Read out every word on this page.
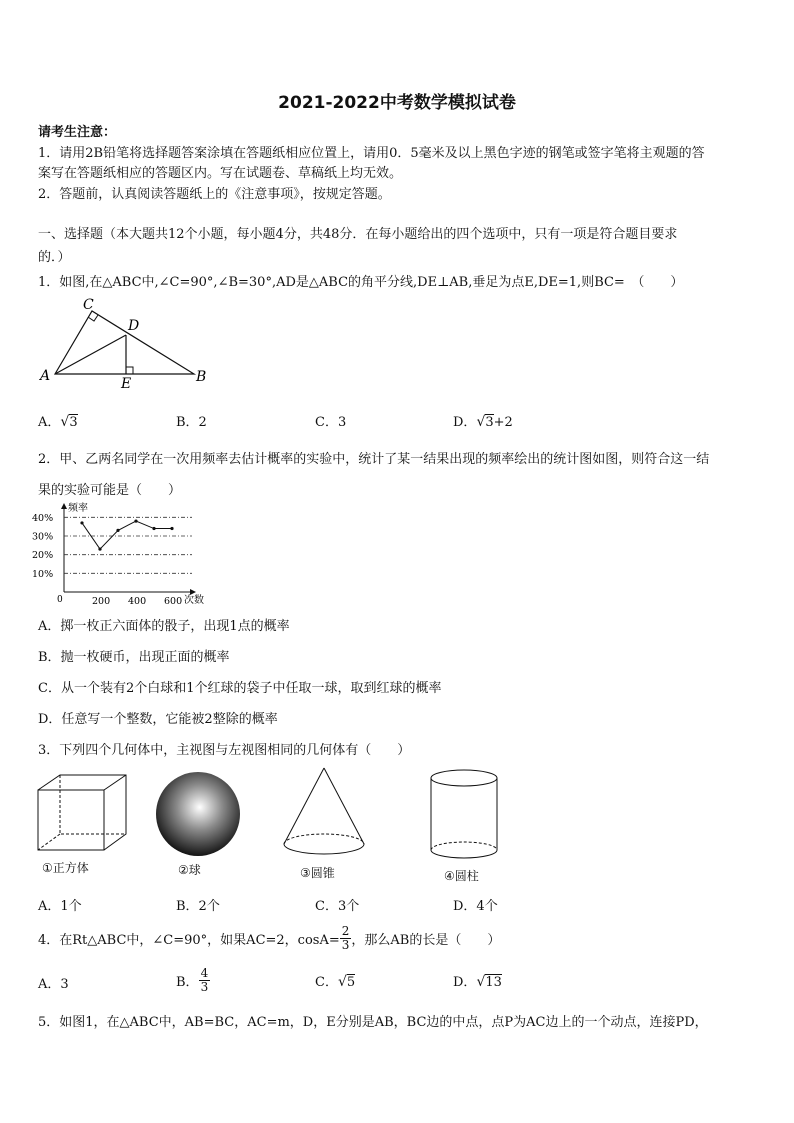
2021-2022中考数学模拟试卷
请考生注意：
1．请用2B铅笔将选择题答案涂填在答题纸相应位置上，请用0．5毫米及以上黑色字迹的钢笔或签字笔将主观题的答
案写在答题纸相应的答题区内。写在试题卷、草稿纸上均无效。
2．答题前，认真阅读答题纸上的《注意事项》，按规定答题。
一、选择题（本大题共12个小题，每小题4分，共48分．在每小题给出的四个选项中，只有一项是符合题目要求
的．）
1．如图,在△ABC中,∠C=90°,∠B=30°,AD是△ABC的角平分线,DE⊥AB,垂足为点E,DE=1,则BC=　（　　）
C
D
A	E	B
A．√3	B．2	C．3	D．√3+2
2．甲、乙两名同学在一次用频率去估计概率的实验中，统计了某一结果出现的频率绘出的统计图如图，则符合这一结
果的实验可能是（　　）
10%
20%
30%
40%
200 400 600
频率
次数
0
A．掷一枚正六面体的骰子，出现1点的概率
B．抛一枚硬币，出现正面的概率
C．从一个装有2个白球和1个红球的袋子中任取一球，取到红球的概率
D．任意写一个整数，它能被2整除的概率
3．下列四个几何体中，主视图与左视图相同的几何体有（　　）
①正方体	②球	③圆锥	④圆柱
A．1个	B．2个	C．3个	D．4个
4．在Rt△ABC中，∠C=90°，如果AC=2，$\cos A= \frac{2}{3}$ ，那么AB的长是（　　）
A．3	B． $\frac{4}{3}$	C．√5	D．√13
5．如图1，在△ABC中，AB=BC，AC=m，D，E分别是AB，BC边的中点，点P为AC边上的一个动点，连接PD，
